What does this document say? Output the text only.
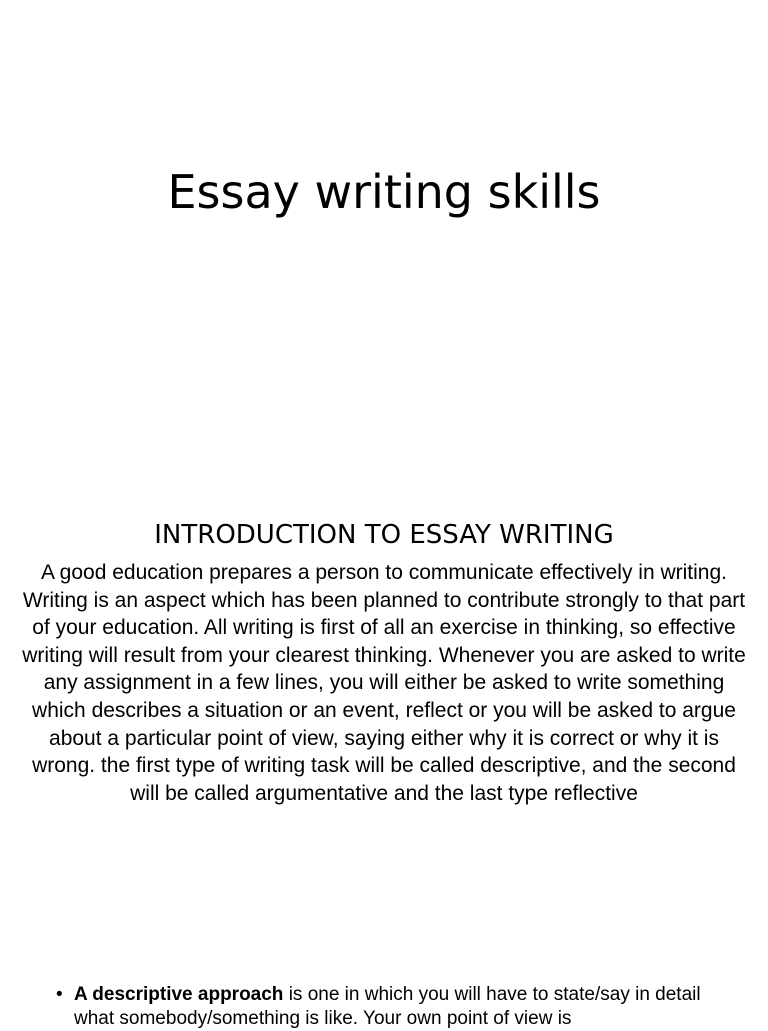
Essay writing skills
INTRODUCTION TO ESSAY WRITING

A good education prepares a person to communicate effectively in writing. Writing is an aspect which has been planned to contribute strongly to that part of your education. All writing is first of all an exercise in thinking, so effective writing will result from your clearest thinking. Whenever you are asked to write any assignment in a few lines, you will either be asked to write something which describes a situation or an event, reflect or you will be asked to argue about a particular point of view, saying either why it is correct or why it is wrong. the first type of writing task will be called descriptive, and the second will be called argumentative and the last type reflective

• A descriptive approach is one in which you will have to state/say in detail what somebody/something is like. Your own point of view is
